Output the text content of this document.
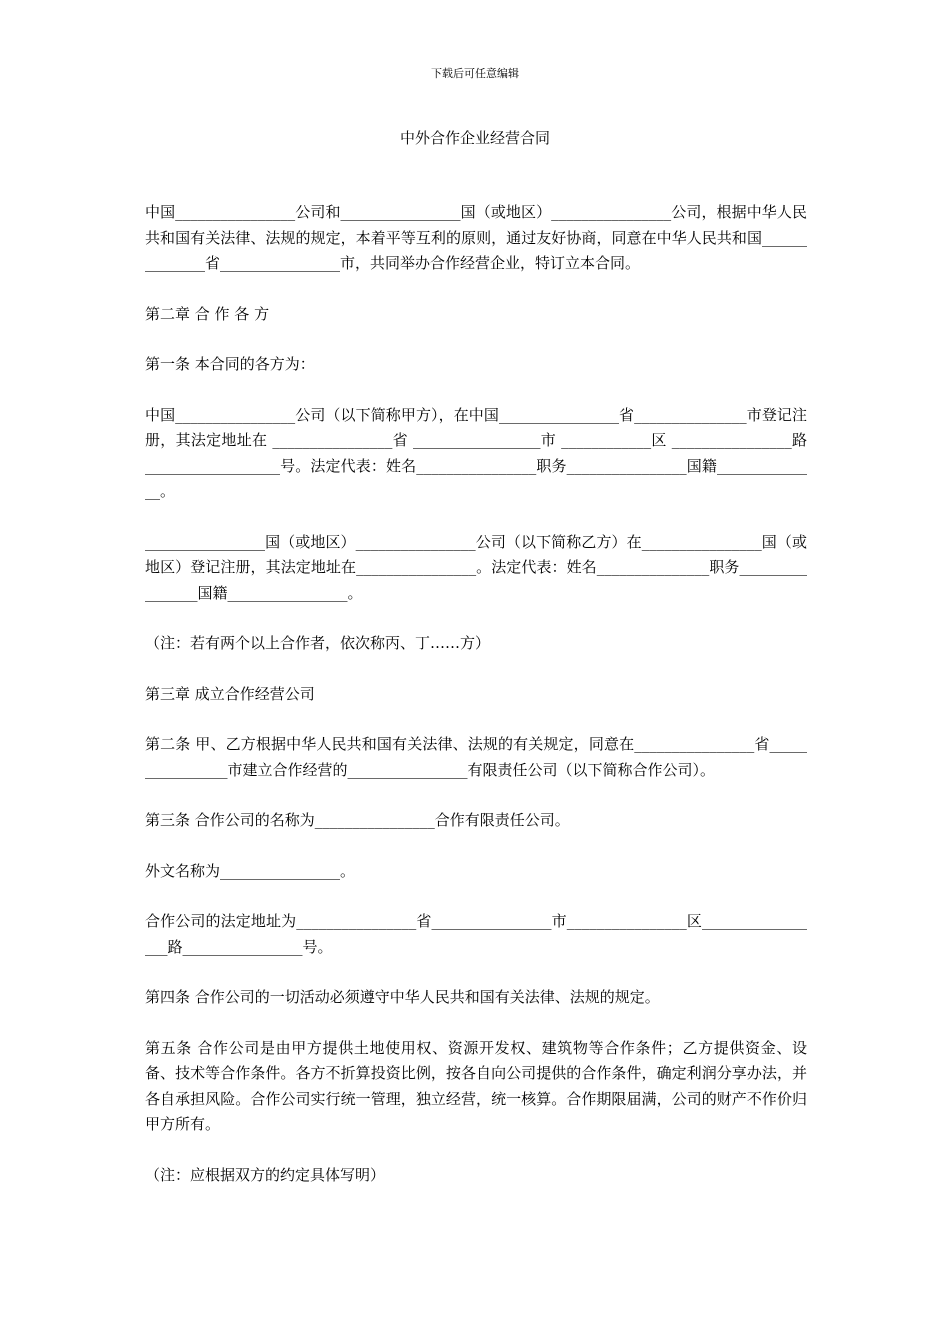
下载后可任意编辑
中外合作企业经营合同

中国________________公司和________________国（或地区）________________公司，根据中华人民共和国有关法律、法规的规定，本着平等互利的原则，通过友好协商，同意在中华人民共和国______________省________________市，共同举办合作经营企业，特订立本合同。

第二章 合 作 各 方

第一条 本合同的各方为：

中国________________公司（以下简称甲方），在中国________________省_______________市登记注册，其法定地址在 ________________省 _________________市 ____________区 ________________路__________________号。法定代表：姓名________________职务________________国籍______________。

________________国（或地区）________________公司（以下简称乙方）在________________国（或地区）登记注册，其法定地址在________________。法定代表：姓名_______________职务________________国籍________________。

（注：若有两个以上合作者，依次称丙、丁……方）

第三章 成立合作经营公司

第二条 甲、乙方根据中华人民共和国有关法律、法规的有关规定，同意在________________省________________市建立合作经营的________________有限责任公司（以下简称合作公司）。

第三条 合作公司的名称为________________合作有限责任公司。

外文名称为________________。

合作公司的法定地址为________________省________________市________________区_________________路________________号。

第四条 合作公司的一切活动必须遵守中华人民共和国有关法律、法规的规定。

第五条 合作公司是由甲方提供土地使用权、资源开发权、建筑物等合作条件；乙方提供资金、设备、技术等合作条件。各方不折算投资比例，按各自向公司提供的合作条件，确定利润分享办法，并各自承担风险。合作公司实行统一管理，独立经营，统一核算。合作期限届满，公司的财产不作价归甲方所有。

（注：应根据双方的约定具体写明）
